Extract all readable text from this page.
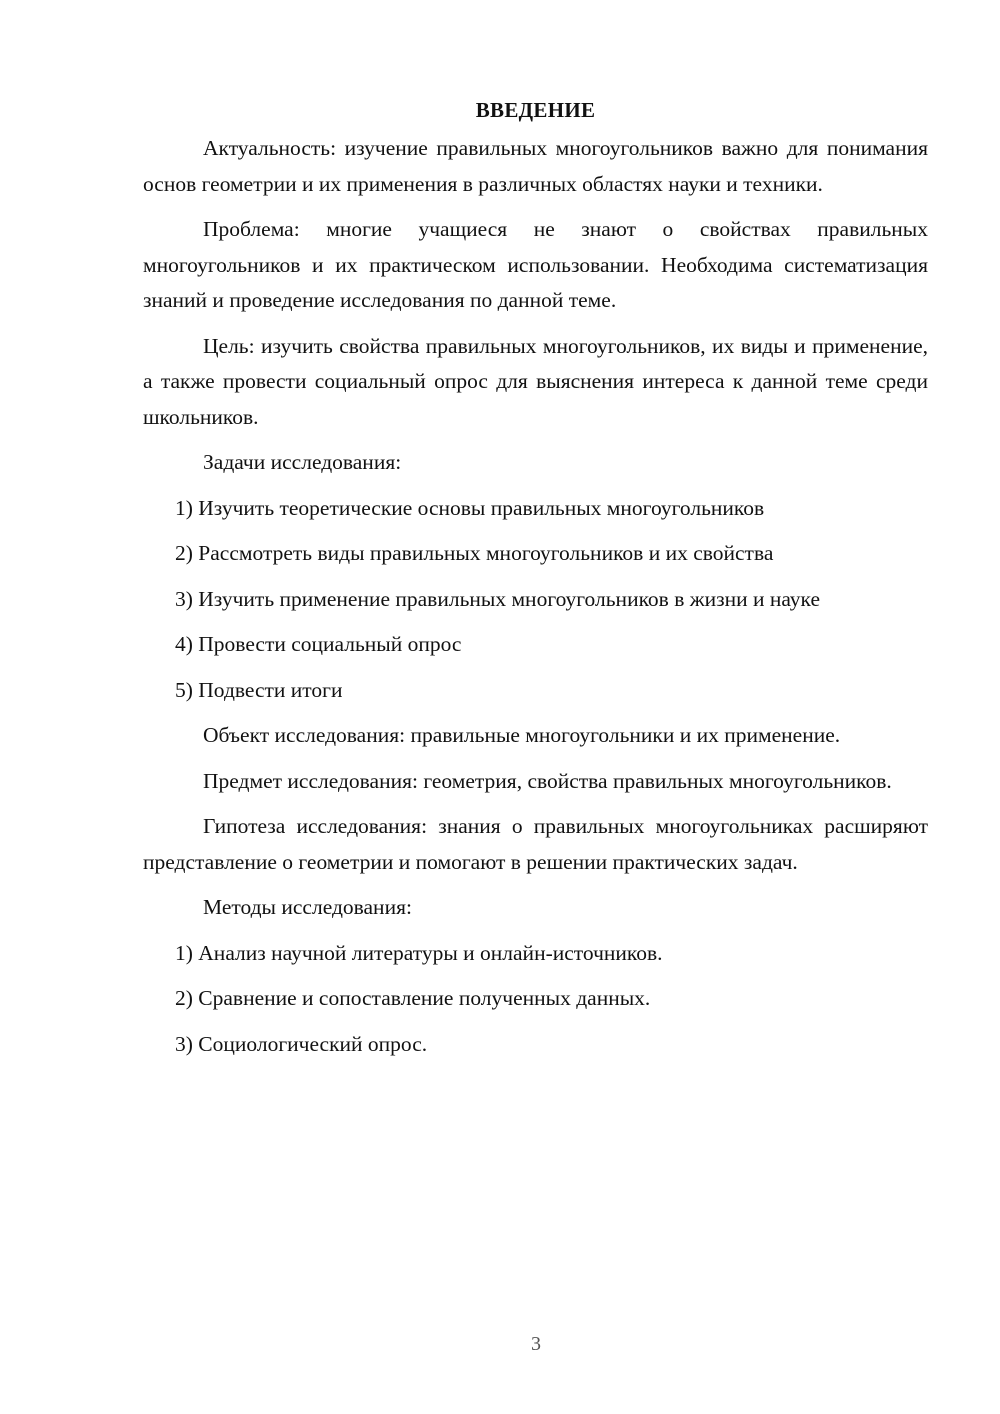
ВВЕДЕНИЕ

Актуальность: изучение правильных многоугольников важно для понимания основ геометрии и их применения в различных областях науки и техники.

Проблема: многие учащиеся не знают о свойствах правильных многоугольников и их практическом использовании. Необходима систематизация знаний и проведение исследования по данной теме.

Цель: изучить свойства правильных многоугольников, их виды и применение, а также провести социальный опрос для выяснения интереса к данной теме среди школьников.

Задачи исследования:
1) Изучить теоретические основы правильных многоугольников
2) Рассмотреть виды правильных многоугольников и их свойства
3) Изучить применение правильных многоугольников в жизни и науке
4) Провести социальный опрос
5) Подвести итоги

Объект исследования: правильные многоугольники и их применение.

Предмет исследования: геометрия, свойства правильных многоугольников.

Гипотеза исследования: знания о правильных многоугольниках расширяют представление о геометрии и помогают в решении практических задач.

Методы исследования:
1) Анализ научной литературы и онлайн-источников.
2) Сравнение и сопоставление полученных данных.
3) Социологический опрос.
3
